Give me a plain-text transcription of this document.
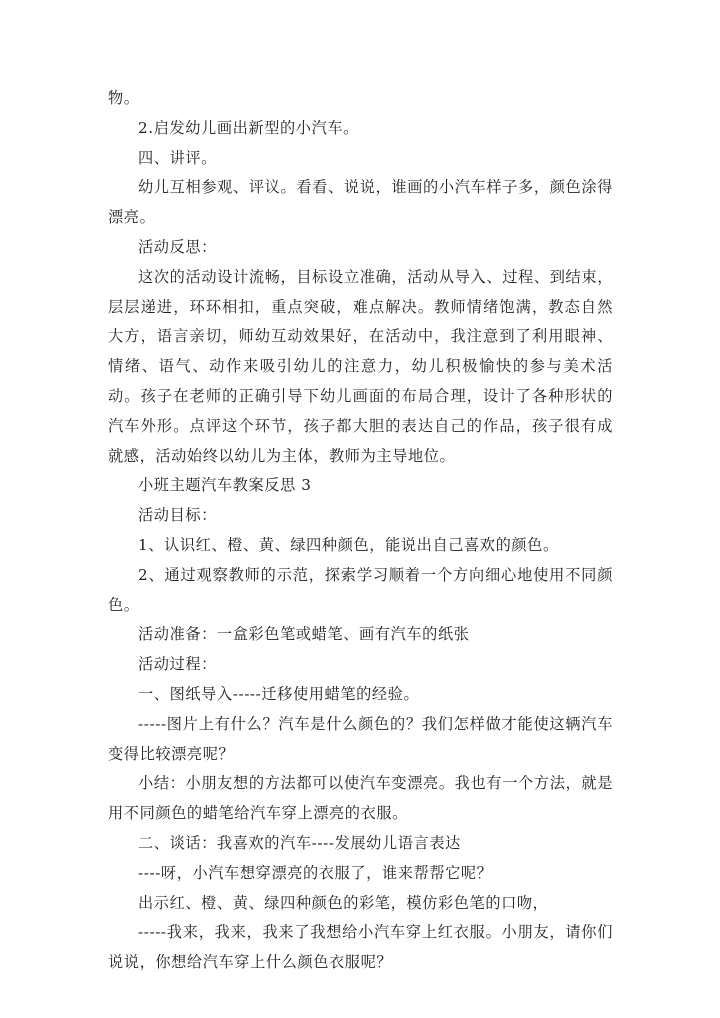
物。

2.启发幼儿画出新型的小汽车。

四、讲评。

幼儿互相参观、评议。看看、说说，谁画的小汽车样子多，颜色涂得漂亮。

活动反思：

这次的活动设计流畅，目标设立准确，活动从导入、过程、到结束，层层递进，环环相扣，重点突破，难点解决。教师情绪饱满，教态自然大方，语言亲切，师幼互动效果好，在活动中，我注意到了利用眼神、情绪、语气、动作来吸引幼儿的注意力，幼儿积极愉快的参与美术活动。孩子在老师的正确引导下幼儿画面的布局合理，设计了各种形状的汽车外形。点评这个环节，孩子都大胆的表达自己的作品，孩子很有成就感，活动始终以幼儿为主体，教师为主导地位。

小班主题汽车教案反思 3

活动目标：

1、认识红、橙、黄、绿四种颜色，能说出自己喜欢的颜色。

2、通过观察教师的示范，探索学习顺着一个方向细心地使用不同颜色。

活动准备：一盒彩色笔或蜡笔、画有汽车的纸张

活动过程：

一、图纸导入-----迁移使用蜡笔的经验。

-----图片上有什么？汽车是什么颜色的？我们怎样做才能使这辆汽车变得比较漂亮呢？

小结：小朋友想的方法都可以使汽车变漂亮。我也有一个方法，就是用不同颜色的蜡笔给汽车穿上漂亮的衣服。

二、谈话：我喜欢的汽车----发展幼儿语言表达

----呀，小汽车想穿漂亮的衣服了，谁来帮帮它呢？

出示红、橙、黄、绿四种颜色的彩笔，模仿彩色笔的口吻，

-----我来，我来，我来了我想给小汽车穿上红衣服。小朋友，请你们说说，你想给汽车穿上什么颜色衣服呢？
